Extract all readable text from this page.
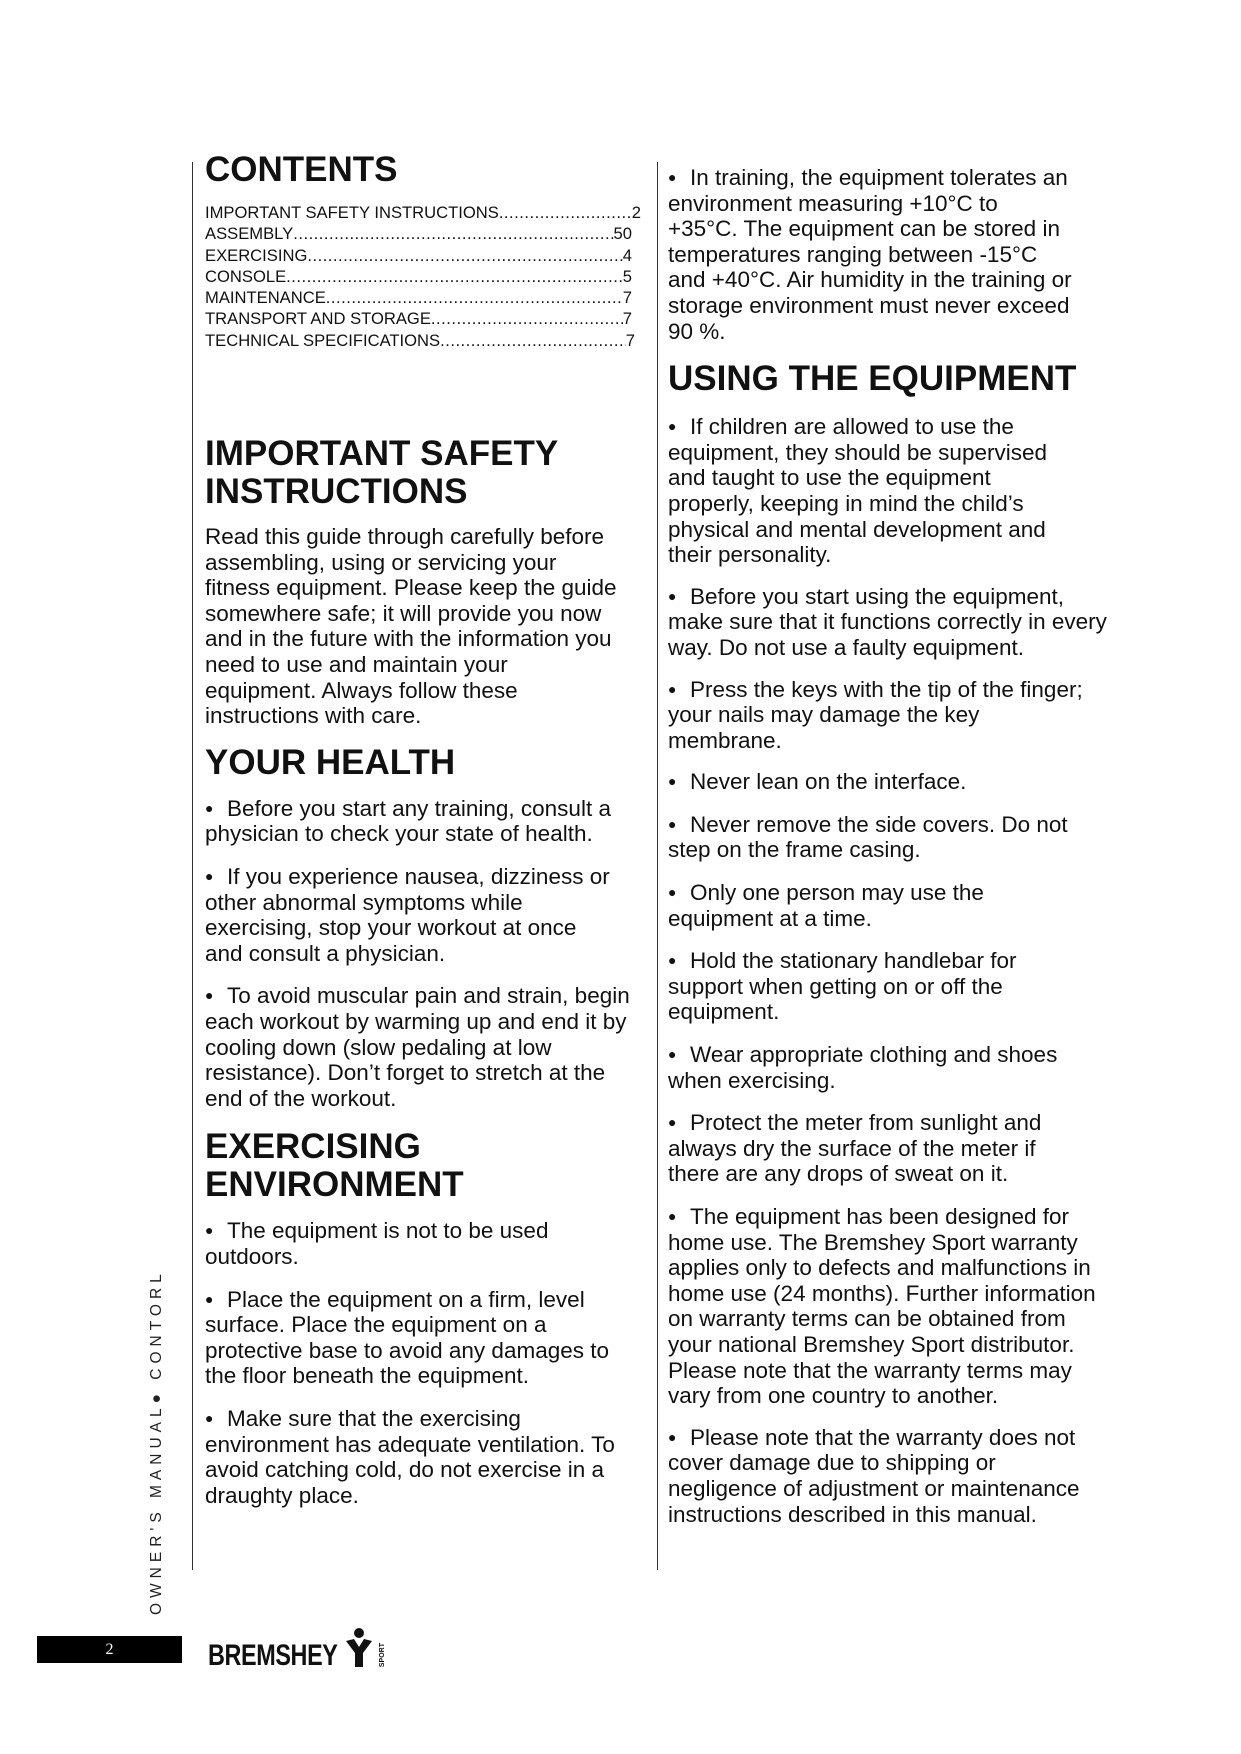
CONTENTS
IMPORTANT SAFETY INSTRUCTIONS .....	2
ASSEMBLY .....	50
EXERCISING .....	4
CONSOLE .....	5
MAINTENANCE .....	7
TRANSPORT AND STORAGE .....	7
TECHNICAL SPECIFICATIONS .....	7
IMPORTANT SAFETY
INSTRUCTIONS

Read this guide through carefully before assembling, using or servicing your fitness equipment. Please keep the guide somewhere safe; it will provide you now and in the future with the information you need to use and maintain your equipment. Always follow these instructions with care.

YOUR HEALTH

● Before you start any training, consult a physician to check your state of health.

● If you experience nausea, dizziness or other abnormal symptoms while exercising, stop your workout at once and consult a physician.

● To avoid muscular pain and strain, begin each workout by warming up and end it by cooling down (slow pedaling at low resistance). Don’t forget to stretch at the end of the workout.

EXERCISING
ENVIRONMENT

● The equipment is not to be used outdoors.

● Place the equipment on a firm, level surface. Place the equipment on a protective base to avoid any damages to the floor beneath the equipment.

● Make sure that the exercising environment has adequate ventilation. To avoid catching cold, do not exercise in a draughty place.

● In training, the equipment tolerates an environment measuring +10°C to +35°C. The equipment can be stored in temperatures ranging between -15°C and +40°C. Air humidity in the training or storage environment must never exceed 90 %.

USING THE EQUIPMENT

● If children are allowed to use the equipment, they should be supervised and taught to use the equipment properly, keeping in mind the child’s physical and mental development and their personality.

● Before you start using the equipment, make sure that it functions correctly in every way. Do not use a faulty equipment.

● Press the keys with the tip of the finger; your nails may damage the key membrane.

● Never lean on the interface.

● Never remove the side covers. Do not step on the frame casing.

● Only one person may use the equipment at a time.

● Hold the stationary handlebar for support when getting on or off the equipment.

● Wear appropriate clothing and shoes when exercising.

● Protect the meter from sunlight and always dry the surface of the meter if there are any drops of sweat on it.

● The equipment has been designed for home use. The Bremshey Sport warranty applies only to defects and malfunctions in home use (24 months). Further information on warranty terms can be obtained from your national Bremshey Sport distributor. Please note that the warranty terms may vary from one country to another.

● Please note that the warranty does not cover damage due to shipping or negligence of adjustment or maintenance instructions described in this manual.

OWNER'S MANUAL● CONTORL
2	BREMSHEY	SPORT
